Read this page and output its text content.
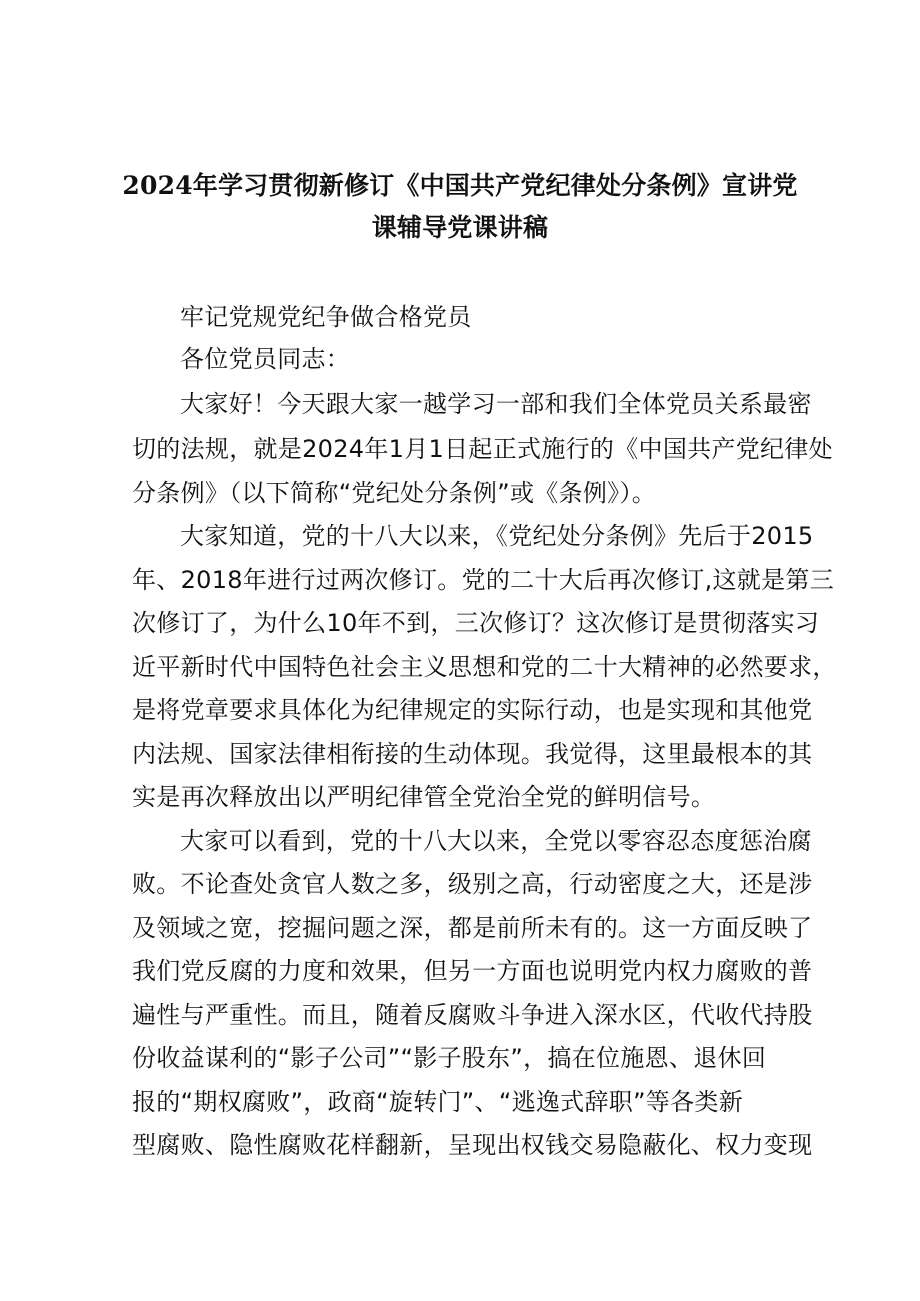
2024年学习贯彻新修订《中国共产党纪律处分条例》宣讲党
课辅导党课讲稿
牢记党规党纪争做合格党员
各位党员同志：
大家好！今天跟大家一越学习一部和我们全体党员关系最密
切的法规，就是2024年1月1日起正式施行的《中国共产党纪律处
分条例》（以下简称“党纪处分条例”或《条例》）。
大家知道，党的十八大以来，《党纪处分条例》先后于2015
年、2018年进行过两次修订。党的二十大后再次修订,这就是第三
次修订了，为什么10年不到，三次修订？这次修订是贯彻落实习
近平新时代中国特色社会主义思想和党的二十大精神的必然要求，
是将党章要求具体化为纪律规定的实际行动，也是实现和其他党
内法规、国家法律相衔接的生动体现。我觉得，这里最根本的其
实是再次释放出以严明纪律管全党治全党的鲜明信号。
大家可以看到，党的十八大以来，全党以零容忍态度惩治腐
败。不论查处贪官人数之多，级别之高，行动密度之大，还是涉
及领域之宽，挖掘问题之深，都是前所未有的。这一方面反映了
我们党反腐的力度和效果，但另一方面也说明党内权力腐败的普
遍性与严重性。而且，随着反腐败斗争进入深水区，代收代持股
份收益谋利的“影子公司”“影子股东”，搞在位施恩、退休回
报的“期权腐败”，政商“旋转门”、“逃逸式辞职”等各类新
型腐败、隐性腐败花样翻新，呈现出权钱交易隐蔽化、权力变现
